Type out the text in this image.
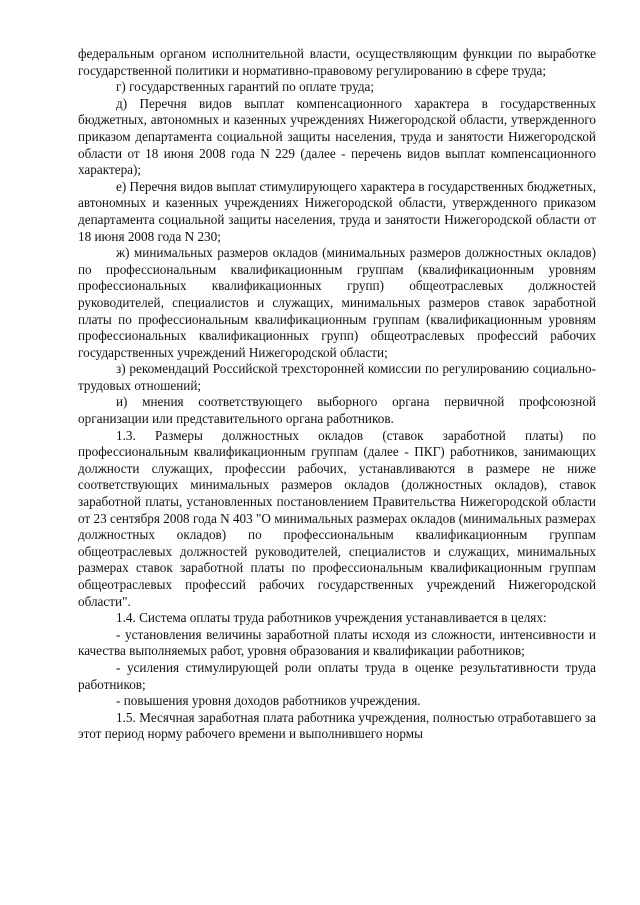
федеральным органом исполнительной власти, осуществляющим функции по выработке государственной политики и нормативно-правовому регулированию в сфере труда;

г) государственных гарантий по оплате труда;

д) Перечня видов выплат компенсационного характера в государственных бюджетных, автономных и казенных учреждениях Нижегородской области, утвержденного приказом департамента социальной защиты населения, труда и занятости Нижегородской области от 18 июня 2008 года N 229 (далее - перечень видов выплат компенсационного характера);

е) Перечня видов выплат стимулирующего характера в государственных бюджетных, автономных и казенных учреждениях Нижегородской области, утвержденного приказом департамента социальной защиты населения, труда и занятости Нижегородской области от 18 июня 2008 года N 230;

ж) минимальных размеров окладов (минимальных размеров должностных окладов) по профессиональным квалификационным группам (квалификационным уровням профессиональных квалификационных групп) общеотраслевых должностей руководителей, специалистов и служащих, минимальных размеров ставок заработной платы по профессиональным квалификационным группам (квалификационным уровням профессиональных квалификационных групп) общеотраслевых профессий рабочих государственных учреждений Нижегородской области;

з) рекомендаций Российской трехсторонней комиссии по регулированию социально-трудовых отношений;

и) мнения соответствующего выборного органа первичной профсоюзной организации или представительного органа работников.

1.3. Размеры должностных окладов (ставок заработной платы) по профессиональным квалификационным группам (далее - ПКГ) работников, занимающих должности служащих, профессии рабочих, устанавливаются в размере не ниже соответствующих минимальных размеров окладов (должностных окладов), ставок заработной платы, установленных постановлением Правительства Нижегородской области от 23 сентября 2008 года N 403 "О минимальных размерах окладов (минимальных размерах должностных окладов) по профессиональным квалификационным группам общеотраслевых должностей руководителей, специалистов и служащих, минимальных размерах ставок заработной платы по профессиональным квалификационным группам общеотраслевых профессий рабочих государственных учреждений Нижегородской области".

1.4. Система оплаты труда работников учреждения устанавливается в целях:

- установления величины заработной платы исходя из сложности, интенсивности и качества выполняемых работ, уровня образования и квалификации работников;

- усиления стимулирующей роли оплаты труда в оценке результативности труда работников;

- повышения уровня доходов работников учреждения.

1.5. Месячная заработная плата работника учреждения, полностью отработавшего за этот период норму рабочего времени и выполнившего нормы
